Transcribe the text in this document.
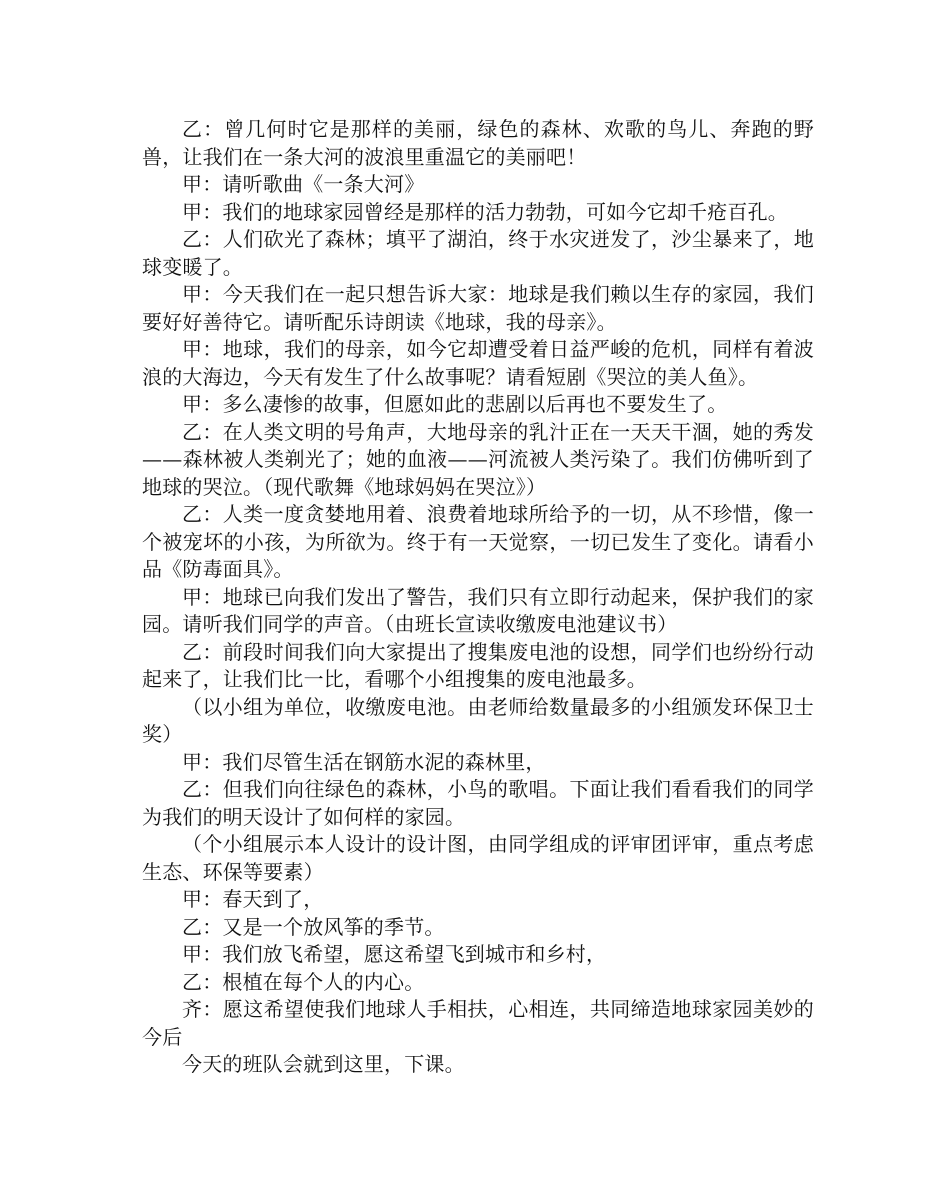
乙：曾几何时它是那样的美丽，绿色的森林、欢歌的鸟儿、奔跑的野兽，让我们在一条大河的波浪里重温它的美丽吧！

甲：请听歌曲《一条大河》

甲：我们的地球家园曾经是那样的活力勃勃，可如今它却千疮百孔。

乙：人们砍光了森林；填平了湖泊，终于水灾迸发了，沙尘暴来了，地球变暖了。

甲：今天我们在一起只想告诉大家：地球是我们赖以生存的家园，我们要好好善待它。请听配乐诗朗读《地球，我的母亲》。

甲：地球，我们的母亲，如今它却遭受着日益严峻的危机，同样有着波浪的大海边，今天有发生了什么故事呢？请看短剧《哭泣的美人鱼》。

甲：多么凄惨的故事，但愿如此的悲剧以后再也不要发生了。

乙：在人类文明的号角声，大地母亲的乳汁正在一天天干涸，她的秀发——森林被人类剃光了；她的血液——河流被人类污染了。我们仿佛听到了地球的哭泣。（现代歌舞《地球妈妈在哭泣》）

乙：人类一度贪婪地用着、浪费着地球所给予的一切，从不珍惜，像一个被宠坏的小孩，为所欲为。终于有一天觉察，一切已发生了变化。请看小品《防毒面具》。

甲：地球已向我们发出了警告，我们只有立即行动起来，保护我们的家园。请听我们同学的声音。（由班长宣读收缴废电池建议书）

乙：前段时间我们向大家提出了搜集废电池的设想，同学们也纷纷行动起来了，让我们比一比，看哪个小组搜集的废电池最多。

（以小组为单位，收缴废电池。由老师给数量最多的小组颁发环保卫士奖）

甲：我们尽管生活在钢筋水泥的森林里，

乙：但我们向往绿色的森林，小鸟的歌唱。下面让我们看看我们的同学为我们的明天设计了如何样的家园。

（个小组展示本人设计的设计图，由同学组成的评审团评审，重点考虑生态、环保等要素）

甲：春天到了，

乙：又是一个放风筝的季节。

甲：我们放飞希望，愿这希望飞到城市和乡村，

乙：根植在每个人的内心。

齐：愿这希望使我们地球人手相扶，心相连，共同缔造地球家园美妙的今后

今天的班队会就到这里，下课。
